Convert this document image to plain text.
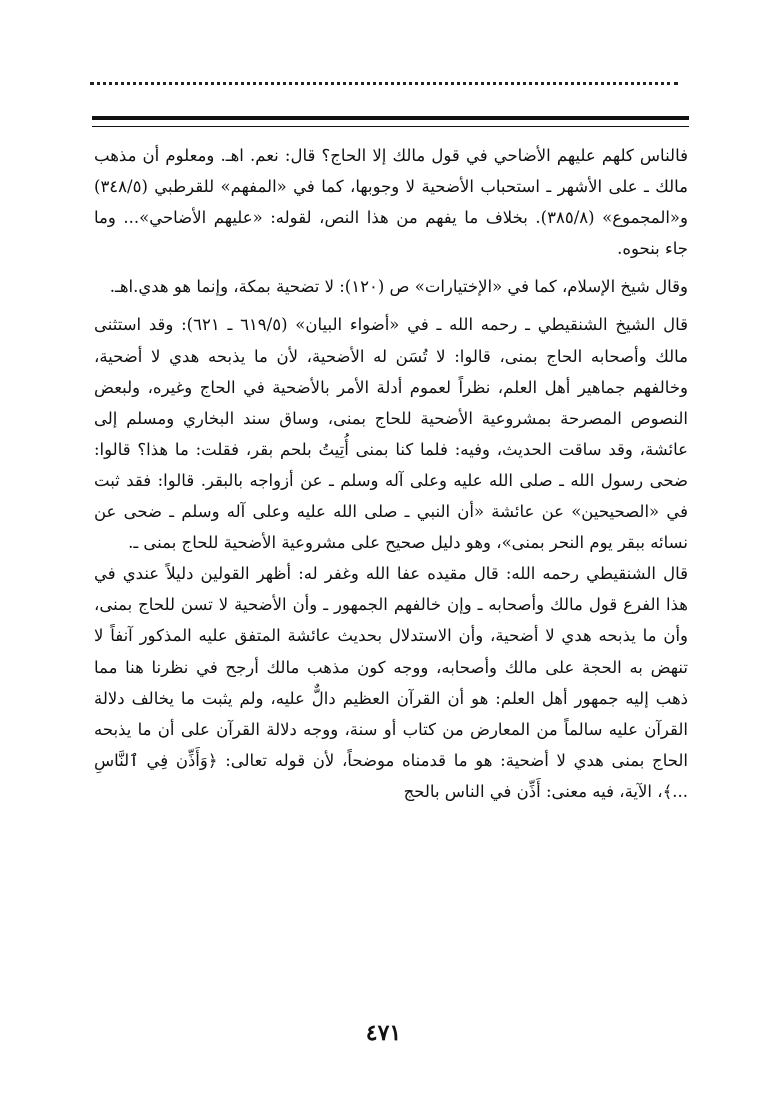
فالناس كلهم عليهم الأضاحي في قول مالك إلا الحاج؟ قال: نعم. اهـ. ومعلوم أن مذهب مالك ـ على الأشهر ـ استحباب الأضحية لا وجوبها، كما في «المفهم» للقرطبي (٣٤٨/٥) و«المجموع» (٣٨٥/٨). بخلاف ما يفهم من هذا النص، لقوله: «عليهم الأضاحي»... وما جاء بنحوه.

وقال شيخ الإسلام، كما في «الإختيارات» ص (١٢٠): لا تضحية بمكة، وإنما هو هدي.اهـ.

قال الشيخ الشنقيطي ـ رحمه الله ـ في «أضواء البيان» (٦١٩/٥ ـ ٦٢١): وقد استثنى مالك وأصحابه الحاج بمنى، قالوا: لا تُسَن له الأضحية، لأن ما يذبحه هدي لا أضحية، وخالفهم جماهير أهل العلم، نظراً لعموم أدلة الأمر بالأضحية في الحاج وغيره، ولبعض النصوص المصرحة بمشروعية الأضحية للحاج بمنى، وساق سند البخاري ومسلم إلى عائشة، وقد ساقت الحديث، وفيه: فلما كنا بمنى أُتِيتُ بلحم بقر، فقلت: ما هذا؟ قالوا: ضحى رسول الله ـ صلى الله عليه وعلى آله وسلم ـ عن أزواجه بالبقر. قالوا: فقد ثبت في «الصحيحين» عن عائشة «أن النبي ـ صلى الله عليه وعلى آله وسلم ـ ضحى عن نسائه ببقر يوم النحر بمنى»، وهو دليل صحيح على مشروعية الأضحية للحاج بمنى ـ.

قال الشنقيطي رحمه الله: قال مقيده عفا الله وغفر له: أظهر القولين دليلاً عندي في هذا الفرع قول مالك وأصحابه ـ وإن خالفهم الجمهور ـ وأن الأضحية لا تسن للحاج بمنى، وأن ما يذبحه هدي لا أضحية، وأن الاستدلال بحديث عائشة المتفق عليه المذكور آنفاً لا تنهض به الحجة على مالك وأصحابه، ووجه كون مذهب مالك أرجح في نظرنا هنا مما ذهب إليه جمهور أهل العلم: هو أن القرآن العظيم دالٌّ عليه، ولم يثبت ما يخالف دلالة القرآن عليه سالماً من المعارض من كتاب أو سنة، ووجه دلالة القرآن على أن ما يذبحه الحاج بمنى هدي لا أضحية: هو ما قدمناه موضحاً، لأن قوله تعالى: ﴿وَأَذِّن فِي ٱلنَّاسِ ...﴾، الآية، فيه معنى: أَذِّن في الناس بالحج

٤٧١
